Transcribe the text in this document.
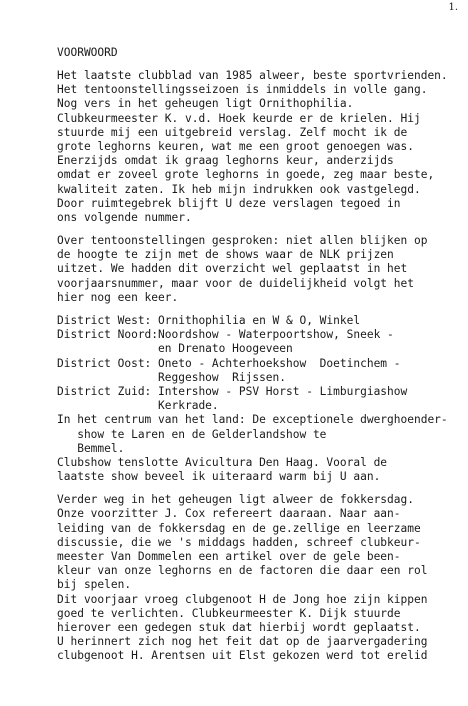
1.
VOORWOORD
Het laatste clubblad van 1985 alweer, beste sportvrienden.
Het tentoonstellingsseizoen is inmiddels in volle gang.
Nog vers in het geheugen ligt Ornithophilia.
Clubkeurmeester K. v.d. Hoek keurde er de krielen. Hij
stuurde mij een uitgebreid verslag. Zelf mocht ik de
grote leghorns keuren, wat me een groot genoegen was.
Enerzijds omdat ik graag leghorns keur, anderzijds
omdat er zoveel grote leghorns in goede, zeg maar beste,
kwaliteit zaten. Ik heb mijn indrukken ook vastgelegd.
Door ruimtegebrek blijft U deze verslagen tegoed in
ons volgende nummer.
Over tentoonstellingen gesproken: niet allen blijken op
de hoogte te zijn met de shows waar de NLK prijzen
uitzet. We hadden dit overzicht wel geplaatst in het
voorjaarsnummer, maar voor de duidelijkheid volgt het
hier nog een keer.
District West: Ornithophilia en W & O, Winkel
District Noord:Noordshow - Waterpoortshow, Sneek -
en Drenato Hoogeveen
District Oost: Oneto - Achterhoekshow  Doetinchem -
Reggeshow  Rijssen.
District Zuid: Intershow - PSV Horst - Limburgiashow
Kerkrade.
In het centrum van het land: De exceptionele dwerghoender-
show te Laren en de Gelderlandshow te
Bemmel.
Clubshow tenslotte Avicultura Den Haag. Vooral de
laatste show beveel ik uiteraard warm bij U aan.
Verder weg in het geheugen ligt alweer de fokkersdag.
Onze voorzitter J. Cox refereert daaraan. Naar aan-
leiding van de fokkersdag en de ge.zellige en leerzame
discussie, die we 's middags hadden, schreef clubkeur-
meester Van Dommelen een artikel over de gele been-
kleur van onze leghorns en de factoren die daar een rol
bij spelen.
Dit voorjaar vroeg clubgenoot H de Jong hoe zijn kippen
goed te verlichten. Clubkeurmeester K. Dijk stuurde
hierover een gedegen stuk dat hierbij wordt geplaatst.
U herinnert zich nog het feit dat op de jaarvergadering
clubgenoot H. Arentsen uit Elst gekozen werd tot erelid
